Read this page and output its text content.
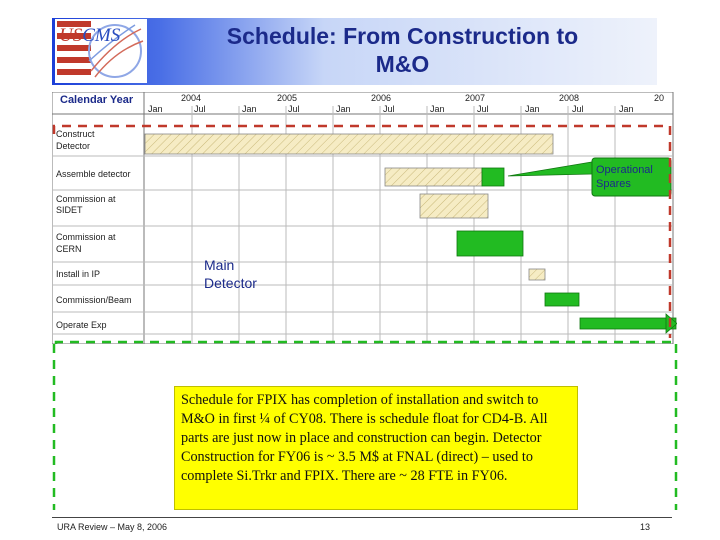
USCMS	Schedule: From Construction to
M&O
Calendar Year	2004	2005	2006	2007	2008	20
Jan	Jul	Jan	Jul	Jan	Jul	Jan	Jul	Jan	Jul	Jan
Construct
Detector
Assemble detector
Commission at
SIDET
Commission at
CERN
Install in IP
Commission/Beam
Operate Exp
Operational
Spares
Main
Detector
Schedule for FPIX has completion of installation and switch to M&O in first ¼ of CY08. There is schedule float for CD4-B. All parts are just now in place and construction can begin. Detector Construction for FY06 is ~ 3.5 M$ at FNAL (direct) – used to complete Si.Trkr and FPIX. There are ~ 28 FTE in FY06.
URA Review – May 8, 2006	13
